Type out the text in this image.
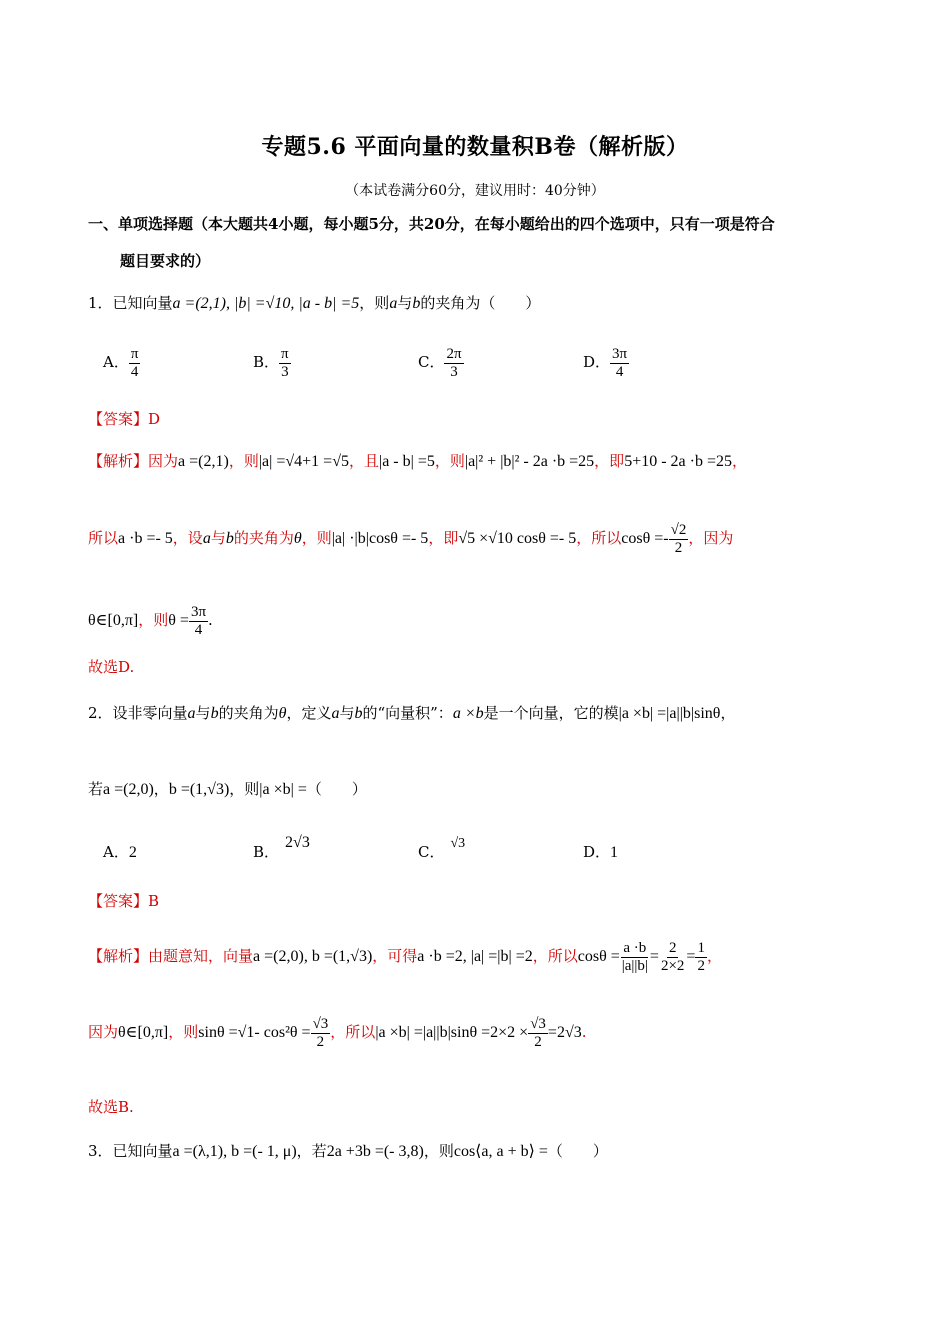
专题5.6 平面向量的数量积B卷（解析版）
（本试卷满分60分，建议用时：40分钟）
一、单项选择题（本大题共4小题，每小题5分，共20分，在每小题给出的四个选项中，只有一项是符合
题目要求的）
1．已知向量a =(2,1), |b| =√10, |a - b| =5，则a与b的夹角为（　　）
A． $\frac{\pi}{4}$	B． $\frac{\pi}{3}$	C． $\frac{2\pi}{3}$	D． $\frac{3\pi}{4}$
【答案】D
【解析】因为a =(2,1)，则|a| =√4+1 =√5，且|a - b| =5，则|a|² + |b|² - 2a ·b =25，即5+10 - 2a ·b =25，
所以a ·b =- 5，设a与b的夹角为θ，则|a| ·|b|cosθ =- 5，即√5 ×√10 cosθ =- 5，所以$\cos\theta =- \frac{√2}{2}$ ，因为
θ∈[0,π]，则$\theta = \frac{3\pi}{4}$ .
故选D.
2．设非零向量a与b的夹角为θ，定义a与b的“向量积”：a ×b是一个向量，它的模|a ×b| =|a||b|sinθ，
若a =(2,0)，b =(1,√3)，则|a ×b| =（　　）
A．2	B．2√3
C． √3	D．1
【答案】B
【解析】由题意知，向量a =(2,0), b =(1,√3)，可得a ·b =2, |a| =|b| =2，所以$\cos\theta = \frac{a \cdot b}{|a||b|} = \frac{2}{2\times 2} = \frac{1}{2}$ ，
因为θ∈[0,π]，则sinθ =√1- $\cos^2\theta = \frac{√3}{2}$ ，所以$|a \times b| =|a||b|\sin\theta =2\times 2 \times \frac{√3}{2} =2√3$.
故选B.
3．已知向量a =(λ,1), b =(- 1, μ)，若2a +3b =(- 3,8)，则cos⟨a, a + b⟩ =（　　）
